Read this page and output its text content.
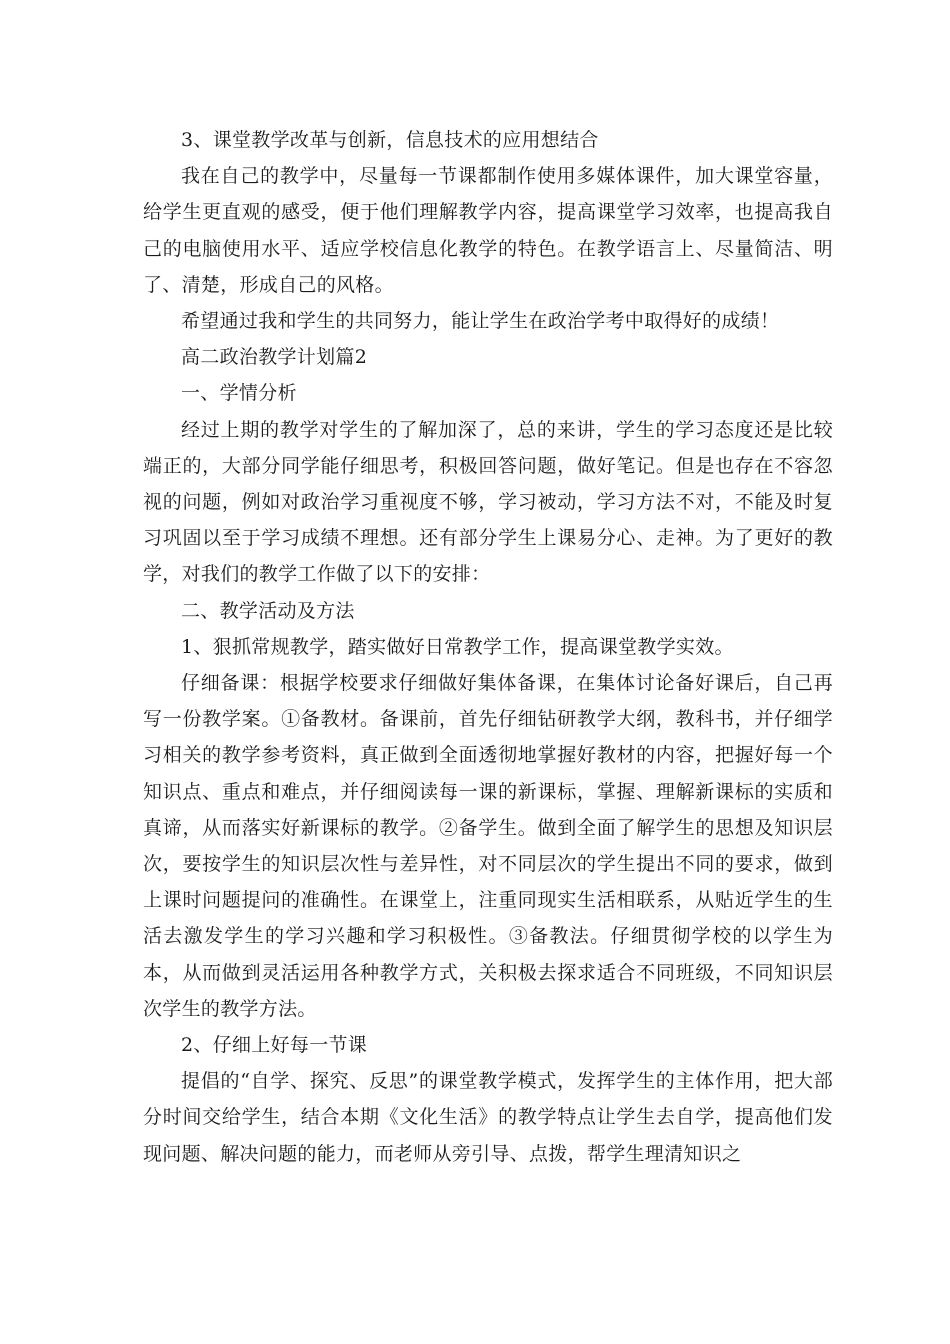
3、课堂教学改革与创新，信息技术的应用想结合

我在自己的教学中，尽量每一节课都制作使用多媒体课件，加大课堂容量，给学生更直观的感受，便于他们理解教学内容，提高课堂学习效率，也提高我自己的电脑使用水平、适应学校信息化教学的特色。在教学语言上、尽量简洁、明了、清楚，形成自己的风格。

希望通过我和学生的共同努力，能让学生在政治学考中取得好的成绩！

高二政治教学计划篇2

一、学情分析

经过上期的教学对学生的了解加深了，总的来讲，学生的学习态度还是比较端正的，大部分同学能仔细思考，积极回答问题，做好笔记。但是也存在不容忽视的问题，例如对政治学习重视度不够，学习被动，学习方法不对，不能及时复习巩固以至于学习成绩不理想。还有部分学生上课易分心、走神。为了更好的教学，对我们的教学工作做了以下的安排：

二、教学活动及方法

1、狠抓常规教学，踏实做好日常教学工作，提高课堂教学实效。

仔细备课：根据学校要求仔细做好集体备课，在集体讨论备好课后，自己再写一份教学案。①备教材。备课前，首先仔细钻研教学大纲，教科书，并仔细学习相关的教学参考资料，真正做到全面透彻地掌握好教材的内容，把握好每一个知识点、重点和难点，并仔细阅读每一课的新课标，掌握、理解新课标的实质和真谛，从而落实好新课标的教学。②备学生。做到全面了解学生的思想及知识层次，要按学生的知识层次性与差异性，对不同层次的学生提出不同的要求，做到上课时问题提问的准确性。在课堂上，注重同现实生活相联系，从贴近学生的生活去激发学生的学习兴趣和学习积极性。③备教法。仔细贯彻学校的以学生为本，从而做到灵活运用各种教学方式，关积极去探求适合不同班级，不同知识层次学生的教学方法。

2、仔细上好每一节课

提倡的“自学、探究、反思”的课堂教学模式，发挥学生的主体作用，把大部分时间交给学生，结合本期《文化生活》的教学特点让学生去自学，提高他们发现问题、解决问题的能力，而老师从旁引导、点拨，帮学生理清知识之
